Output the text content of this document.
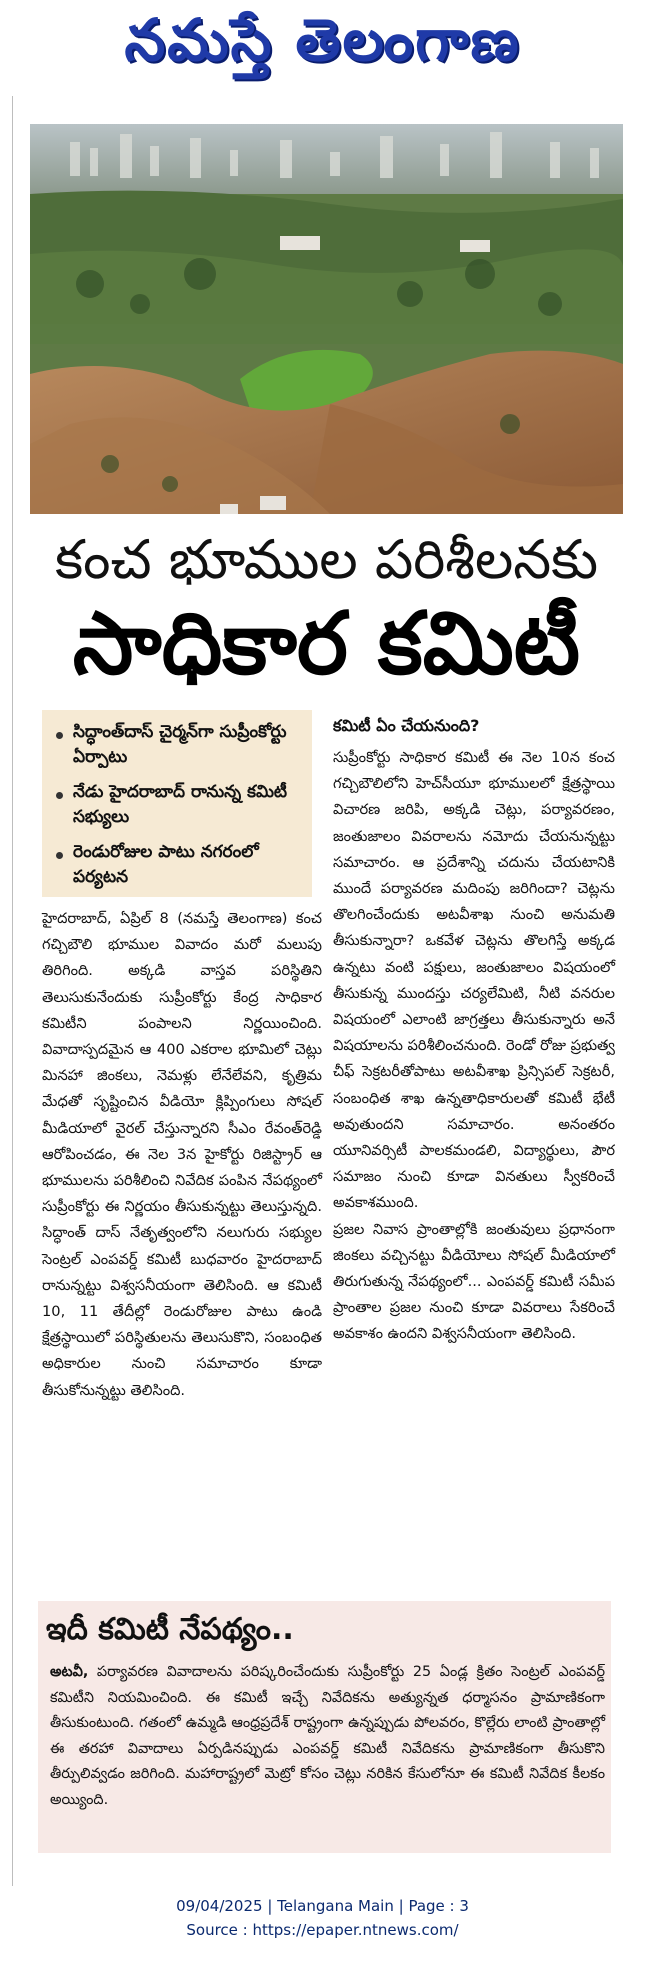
నమస్తే తెలంగాణ
కంచ భూముల పరిశీలనకు
సాధికార కమిటీ
సిద్ధాంత్‌దాస్ చైర్మన్‌గా సుప్రీంకోర్టు ఏర్పాటు
నేడు హైదరాబాద్ రానున్న కమిటీ సభ్యులు
రెండురోజుల పాటు నగరంలో పర్యటన

హైదరాబాద్, ఏప్రిల్ 8 (నమస్తే తెలంగాణ) కంచ గచ్చిబౌలి భూముల వివాదం మరో మలుపు తిరిగింది. అక్కడి వాస్తవ పరిస్థితిని తెలుసుకునేందుకు సుప్రీంకోర్టు కేంద్ర సాధికార కమిటీని పంపాలని నిర్ణయించింది. వివాదాస్పదమైన ఆ 400 ఎకరాల భూమిలో చెట్లు మినహా జింకలు, నెమళ్లు లేనేలేవని, కృత్రిమ మేధతో సృష్టించిన వీడియో క్లిప్పింగులు సోషల్ మీడియాలో వైరల్ చేస్తున్నారని సీఎం రేవంత్‌రెడ్డి ఆరోపించడం, ఈ నెల 3న హైకోర్టు రిజిస్ట్రార్ ఆ భూములను పరిశీలించి నివేదిక పంపిన నేపథ్యంలో సుప్రీంకోర్టు ఈ నిర్ణయం తీసుకున్నట్టు తెలుస్తున్నది. సిద్ధాంత్ దాస్ నేతృత్వంలోని నలుగురు సభ్యుల సెంట్రల్ ఎంపవర్డ్ కమిటీ బుధవారం హైదరాబాద్ రానున్నట్టు విశ్వసనీయంగా తెలిసింది. ఆ కమిటీ 10, 11 తేదీల్లో రెండురోజుల పాటు ఉండి క్షేత్రస్థాయిలో పరిస్థితులను తెలుసుకొని, సంబంధిత అధికారుల నుంచి సమాచారం కూడా తీసుకోనున్నట్టు తెలిసింది.

కమిటీ ఏం చేయనుంది?

సుప్రీంకోర్టు సాధికార కమిటీ ఈ నెల 10న కంచ గచ్చిబౌలిలోని హెచ్‌సీయూ భూములలో క్షేత్రస్థాయి విచారణ జరిపి, అక్కడి చెట్లు, పర్యావరణం, జంతుజాలం వివరాలను నమోదు చేయనున్నట్టు సమాచారం. ఆ ప్రదేశాన్ని చదును చేయటానికి ముందే పర్యావరణ మదింపు జరిగిందా? చెట్లను తొలగించేందుకు అటవీశాఖ నుంచి అనుమతి తీసుకున్నారా? ఒకవేళ చెట్లను తొలగిస్తే అక్కడ ఉన్నటు వంటి పక్షులు, జంతుజాలం విషయంలో తీసుకున్న ముందస్తు చర్యలేమిటి, నీటి వనరుల విషయంలో ఎలాంటి జాగ్రత్తలు తీసుకున్నారు అనే విషయాలను పరిశీలించనుంది. రెండో రోజు ప్రభుత్వ చీఫ్ సెక్రటరీతోపాటు అటవీశాఖ ప్రిన్సిపల్ సెక్రటరీ, సంబంధిత శాఖ ఉన్నతాధికారులతో కమిటీ భేటీ అవుతుందని సమాచారం. అనంతరం యూనివర్సిటీ పాలకమండలి, విద్యార్థులు, పౌర సమాజం నుంచి కూడా వినతులు స్వీకరించే అవకాశముంది.

ప్రజల నివాస ప్రాంతాల్లోకి జంతువులు ప్రధానంగా జింకలు వచ్చినట్టు వీడియోలు సోషల్ మీడియాలో తిరుగుతున్న నేపథ్యంలో... ఎంపవర్డ్ కమిటీ సమీప ప్రాంతాల ప్రజల నుంచి కూడా వివరాలు సేకరించే అవకాశం ఉందని విశ్వసనీయంగా తెలిసింది.

ఇదీ కమిటీ నేపథ్యం..
అటవీ, పర్యావరణ వివాదాలను పరిష్కరించేందుకు సుప్రీంకోర్టు 25 ఏండ్ల క్రితం సెంట్రల్ ఎంపవర్డ్ కమిటీని నియమించింది. ఈ కమిటీ ఇచ్చే నివేదికను అత్యున్నత ధర్మాసనం ప్రామాణికంగా తీసుకుంటుంది. గతంలో ఉమ్మడి ఆంధ్రప్రదేశ్ రాష్ట్రంగా ఉన్నప్పుడు పోలవరం, కొల్లేరు లాంటి ప్రాంతాల్లో ఈ తరహా వివాదాలు ఏర్పడినప్పుడు ఎంపవర్డ్ కమిటీ నివేదికను ప్రామాణికంగా తీసుకొని తీర్పులివ్వడం జరిగింది. మహారాష్ట్రలో మెట్రో కోసం చెట్లు నరికిన కేసులోనూ ఈ కమిటీ నివేదిక కీలకం అయ్యింది.
09/04/2025 | Telangana Main | Page : 3
Source : https://epaper.ntnews.com/
